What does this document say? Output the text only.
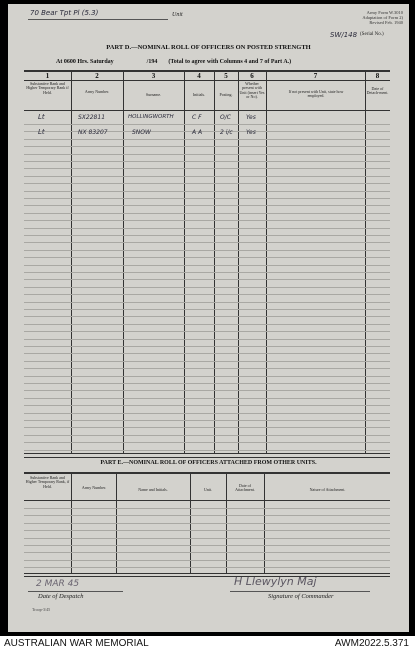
70 Bear Tpt Pl (5.3)	Unit	Army Form W.3010
Adaptation of Form 2)
Revised Feb. 1940
SW/148 (Serial No.)
PART D.—NOMINAL ROLL OF OFFICERS ON POSTED STRENGTH
At 0600 Hrs. Saturday	/194 (Total to agree with Columns 4 and 7 of Part A.)
1	2	3	4	5	6	7	8
Substantive Rank and Higher Temporary Rank if Held.	Army Number.
Surname.	Initials.	Posting.
Whether present with Unit (insert Yes or No).
If not present with Unit, state how employed.
Date of Detach-ment.
Lt	SX22811	HOLLINGWORTH	C F	O/C	Yes
Lt	NX 83207	SNOW	A A	2 i/c Yes
PART E.—NOMINAL ROLL OF OFFICERS ATTACHED FROM OTHER UNITS.
Substantive Rank and Higher Temporary Rank, if Held.	Army Number.	Name and Initials.	Unit.
Date of Attachment.	Nature of Attachment.
2 MAR 45
Date of Despatch
H Llewylyn Maj
Signature of Commander
Troop-3/45
AUSTRALIAN WAR MEMORIAL	AWM2022.5.371
